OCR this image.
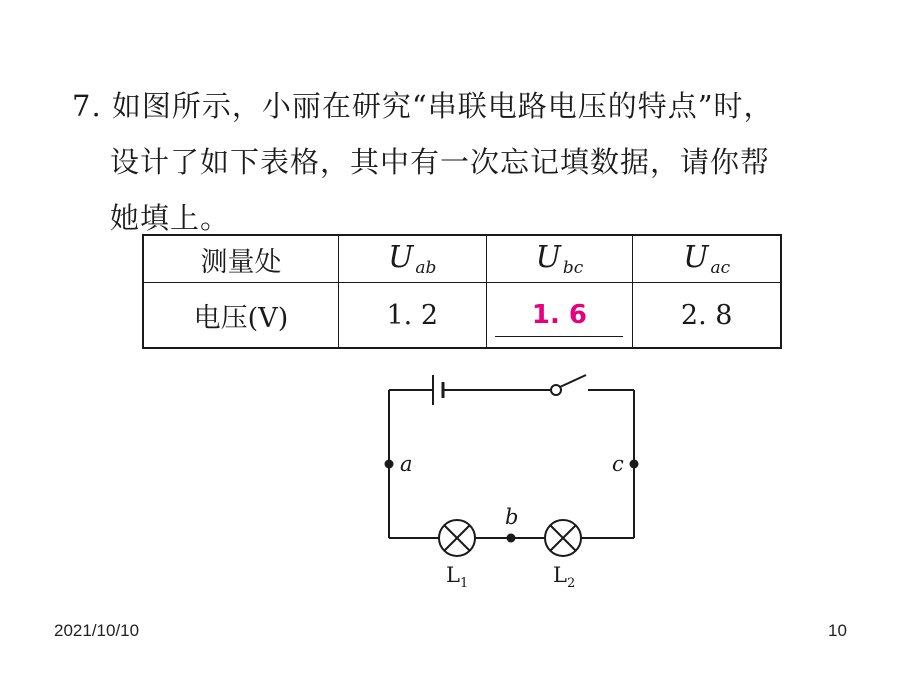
7. 如图所示，小丽在研究“串联电路电压的特点”时，
设计了如下表格，其中有一次忘记填数据，请你帮
她填上。
测量处	U $_{ab}$	U $_{bc}$	U $_{ac}$
电压(V)	1. 2	1. 6	2. 8
a
b
c
$L_1$	$L_2$
2021/10/10	10
